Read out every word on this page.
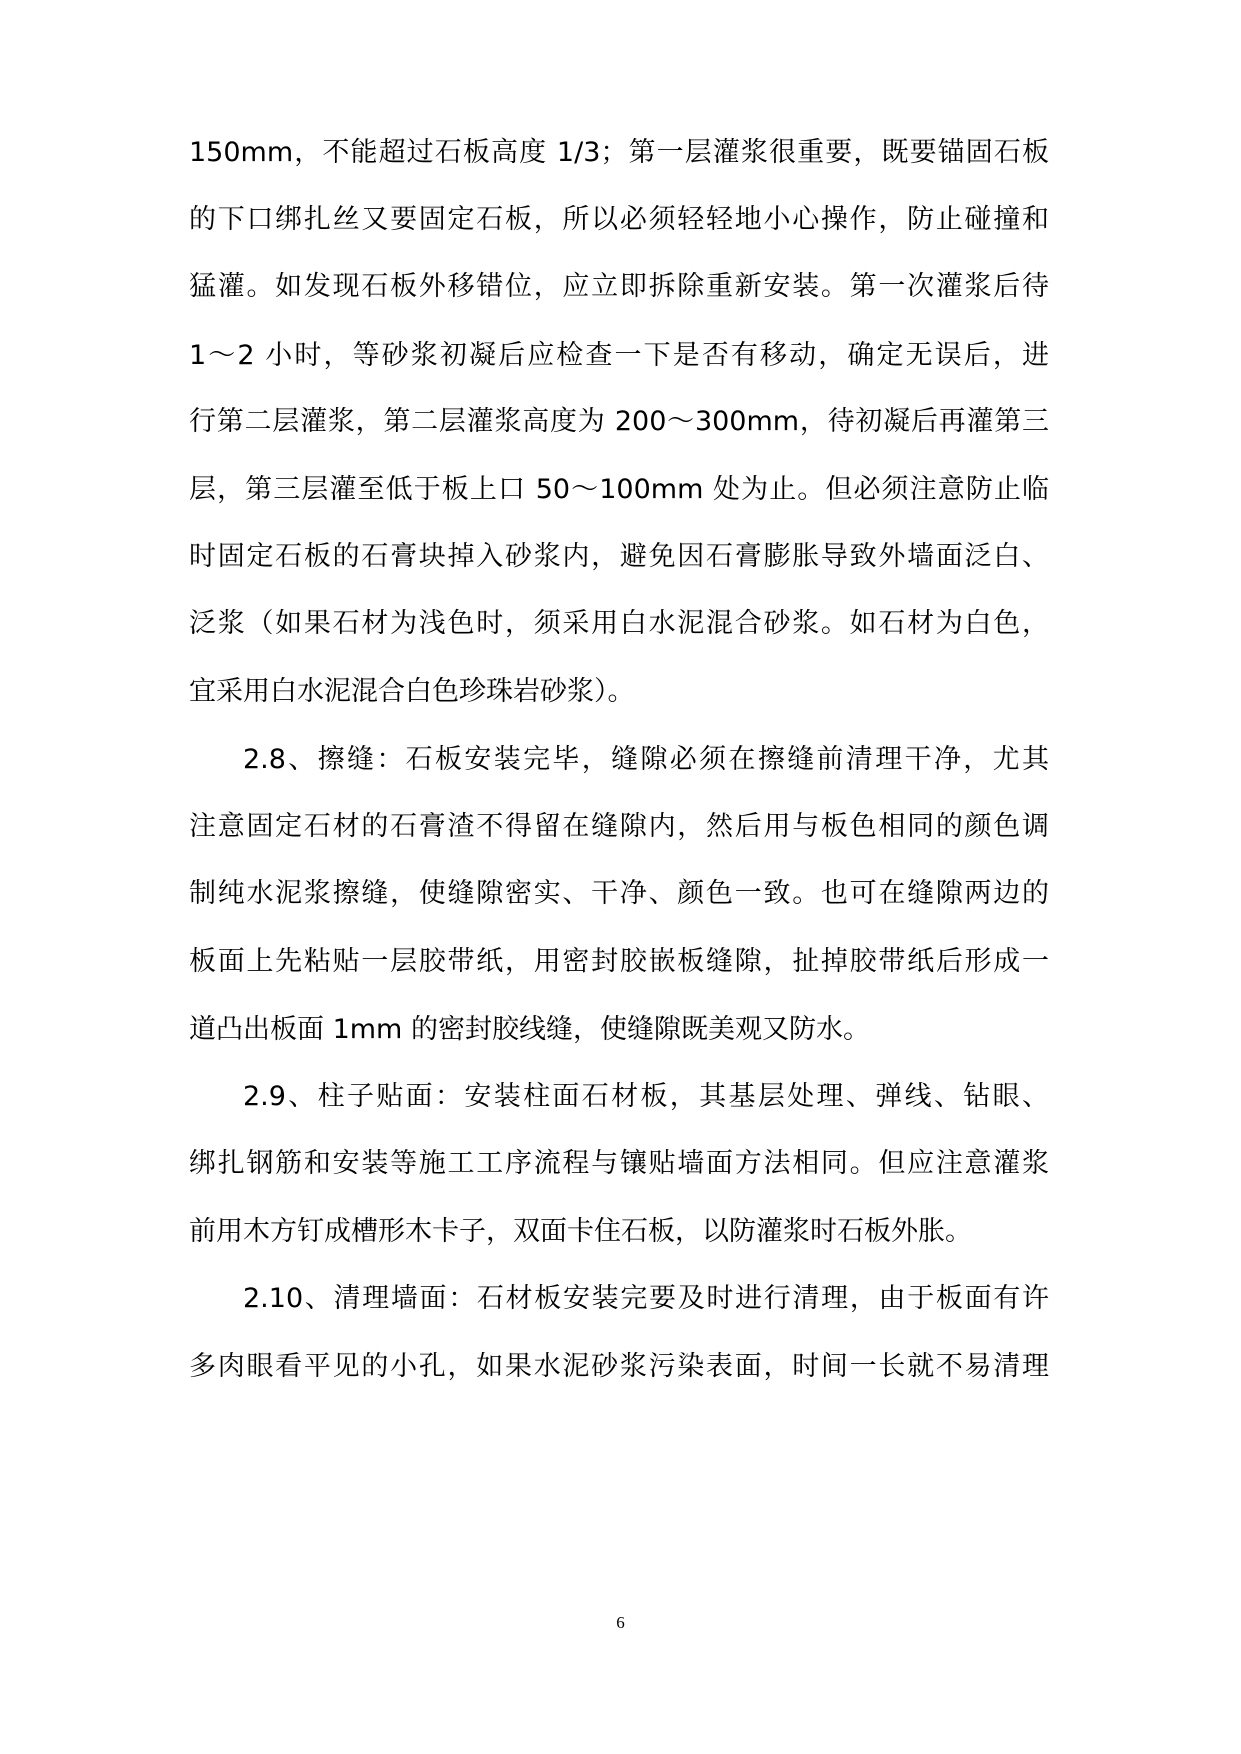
150mm，不能超过石板高度 1/3；第一层灌浆很重要，既要锚固石板
的下口绑扎丝又要固定石板，所以必须轻轻地小心操作，防止碰撞和
猛灌。如发现石板外移错位，应立即拆除重新安装。第一次灌浆后待
1～2 小时，等砂浆初凝后应检查一下是否有移动，确定无误后，进
行第二层灌浆，第二层灌浆高度为 200～300mm，待初凝后再灌第三
层，第三层灌至低于板上口 50～100mm 处为止。但必须注意防止临
时固定石板的石膏块掉入砂浆内，避免因石膏膨胀导致外墙面泛白、
泛浆（如果石材为浅色时，须采用白水泥混合砂浆。如石材为白色，
宜采用白水泥混合白色珍珠岩砂浆）。
2.8、擦缝：石板安装完毕，缝隙必须在擦缝前清理干净，尤其
注意固定石材的石膏渣不得留在缝隙内，然后用与板色相同的颜色调
制纯水泥浆擦缝，使缝隙密实、干净、颜色一致。也可在缝隙两边的
板面上先粘贴一层胶带纸，用密封胶嵌板缝隙，扯掉胶带纸后形成一
道凸出板面 1mm 的密封胶线缝，使缝隙既美观又防水。
2.9、柱子贴面：安装柱面石材板，其基层处理、弹线、钻眼、
绑扎钢筋和安装等施工工序流程与镶贴墙面方法相同。但应注意灌浆
前用木方钉成槽形木卡子，双面卡住石板，以防灌浆时石板外胀。
2.10、清理墙面：石材板安装完要及时进行清理，由于板面有许
多肉眼看平见的小孔，如果水泥砂浆污染表面，时间一长就不易清理
6
